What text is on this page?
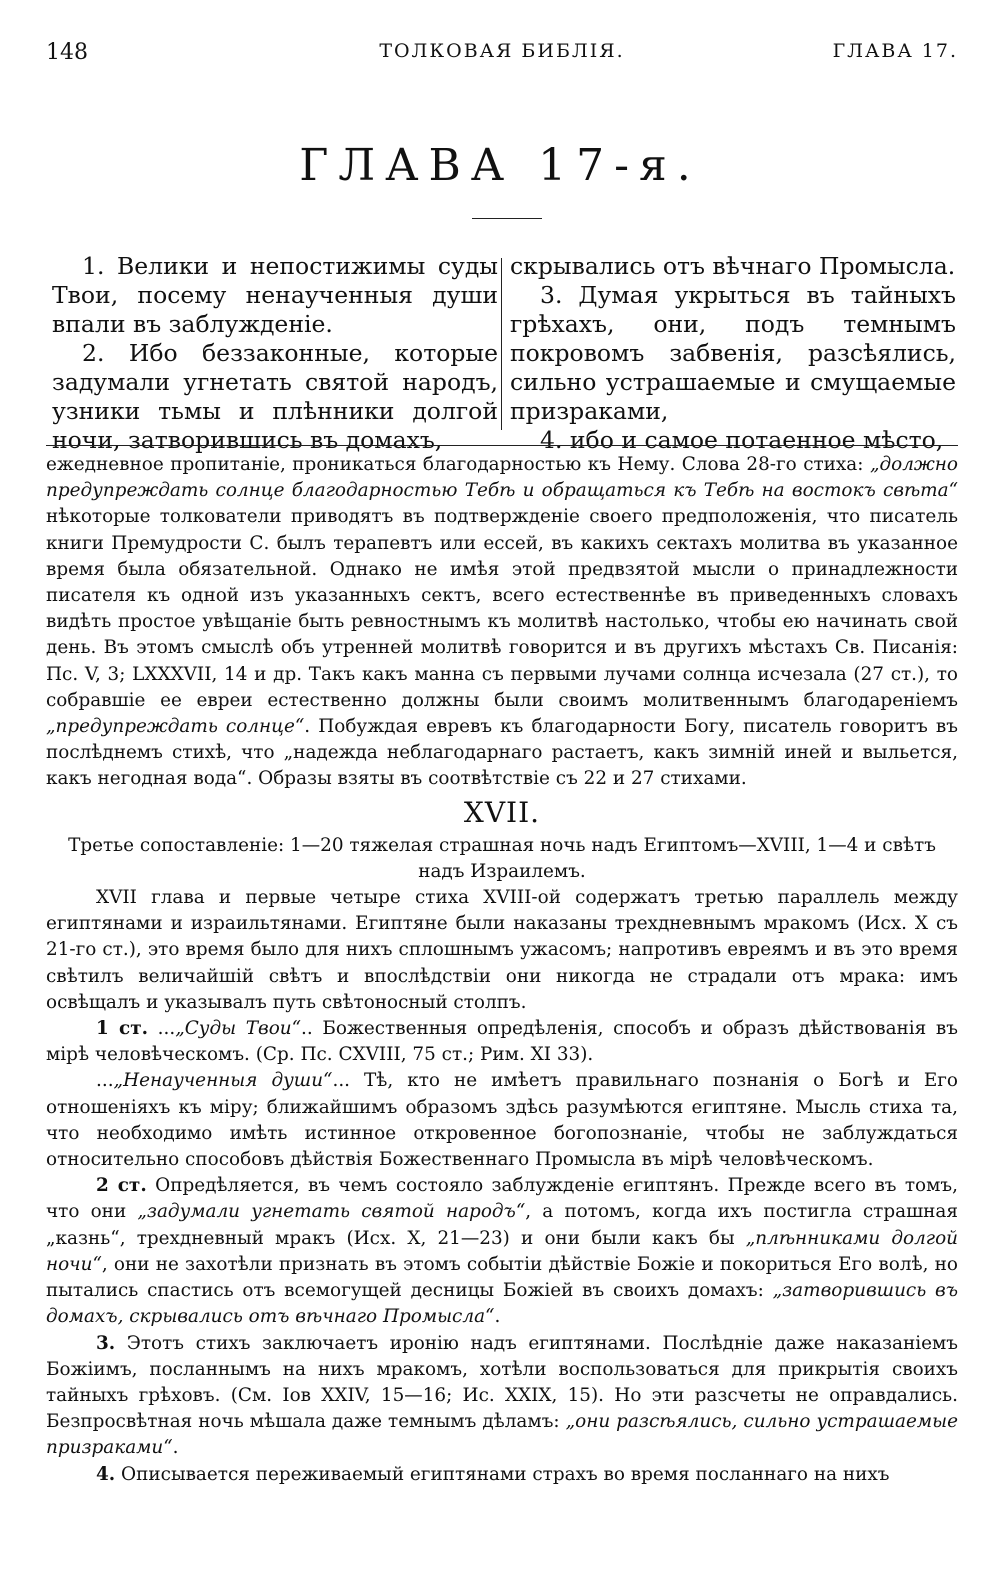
148	ТОЛКОВАЯ БИБЛІЯ.	ГЛАВА 17.
ГЛАВА 17-я.

1. Велики и непостижимы суды Твои, посему ненаученныя души впали въ заблужденіе.

2. Ибо беззаконные, которые задумали угнетать святой народъ, узники тьмы и плѣнники долгой ночи, затворившись въ домахъ,

скрывались отъ вѣчнаго Промысла.

3. Думая укрыться въ тайныхъ грѣхахъ, они, подъ темнымъ покровомъ забвенія, разсѣялись, сильно устрашаемые и смущаемые призраками,

4. ибо и самое потаенное мѣсто,

ежедневное пропитаніе, проникаться благодарностью къ Нему. Слова 28-го стиха: „должно предупреждать солнце благодарностью Тебѣ и обращаться къ Тебѣ на востокъ свѣта“ нѣкоторые толкователи приводятъ въ подтвержденіе своего предположенія, что писатель книги Премудрости С. былъ терапевтъ или ессей, въ какихъ сектахъ молитва въ указанное время была обязательной. Однако не имѣя этой предвзятой мысли о принадлежности писателя къ одной изъ указанныхъ сектъ, всего естественнѣе въ приведенныхъ словахъ видѣть простое увѣщаніе быть ревностнымъ къ молитвѣ настолько, чтобы ею начинать свой день. Въ этомъ смыслѣ объ утренней молитвѣ говорится и въ другихъ мѣстахъ Св. Писанія: Пс. V, 3; LXXXVII, 14 и др. Такъ какъ манна съ первыми лучами солнца исчезала (27 ст.), то собравшіе ее евреи естественно должны были своимъ молитвеннымъ благодареніемъ „предупреждать солнце“. Побуждая евревъ къ благодарности Богу, писатель говоритъ въ послѣднемъ стихѣ, что „надежда неблагодарнаго растаетъ, какъ зимній иней и выльется, какъ негодная вода“. Образы взяты въ соотвѣтствіе съ 22 и 27 стихами.

XVII.

Третье сопоставленіе: 1—20 тяжелая страшная ночь надъ Египтомъ—XVIII, 1—4 и свѣтъ надъ Израилемъ.

XVII глава и первые четыре стиха XVIII-ой содержатъ третью параллель между египтянами и израильтянами. Египтяне были наказаны трехдневнымъ мракомъ (Исх. X съ 21-го ст.), это время было для нихъ сплошнымъ ужасомъ; напротивъ евреямъ и въ это время свѣтилъ величайшій свѣтъ и впослѣдствіи они никогда не страдали отъ мрака: имъ освѣщалъ и указывалъ путь свѣтоносный столпъ.

1 ст. ...„Суды Твои“.. Божественныя опредѣленія, способъ и образъ дѣйствованія въ мірѣ человѣческомъ. (Ср. Пс. CXVIII, 75 ст.; Рим. XI 33).

...„Ненаученныя души“... Тѣ, кто не имѣетъ правильнаго познанія о Богѣ и Его отношеніяхъ къ міру; ближайшимъ образомъ здѣсь разумѣются египтяне. Мысль стиха та, что необходимо имѣть истинное откровенное богопознаніе, чтобы не заблуждаться относительно способовъ дѣйствія Божественнаго Промысла въ мірѣ человѣческомъ.

2 ст. Опредѣляется, въ чемъ состояло заблужденіе египтянъ. Прежде всего въ томъ, что они „задумали угнетать святой народъ“, а потомъ, когда ихъ постигла страшная „казнь“, трехдневный мракъ (Исх. X, 21—23) и они были какъ бы „плѣнниками долгой ночи“, они не захотѣли признать въ этомъ событіи дѣйствіе Божіе и покориться Его волѣ, но пытались спастись отъ всемогущей десницы Божіей въ своихъ домахъ: „затворившись въ домахъ, скрывались отъ вѣчнаго Промысла“.

3. Этотъ стихъ заключаетъ иронію надъ египтянами. Послѣдніе даже наказаніемъ Божіимъ, посланнымъ на нихъ мракомъ, хотѣли воспользоваться для прикрытія своихъ тайныхъ грѣховъ. (См. Іов XXIV, 15—16; Ис. XXIX, 15). Но эти разсчеты не оправдались. Безпросвѣтная ночь мѣшала даже темнымъ дѣламъ: „они разсѣялись, сильно устрашаемые призраками“.

4. Описывается переживаемый египтянами страхъ во время посланнаго на нихъ
